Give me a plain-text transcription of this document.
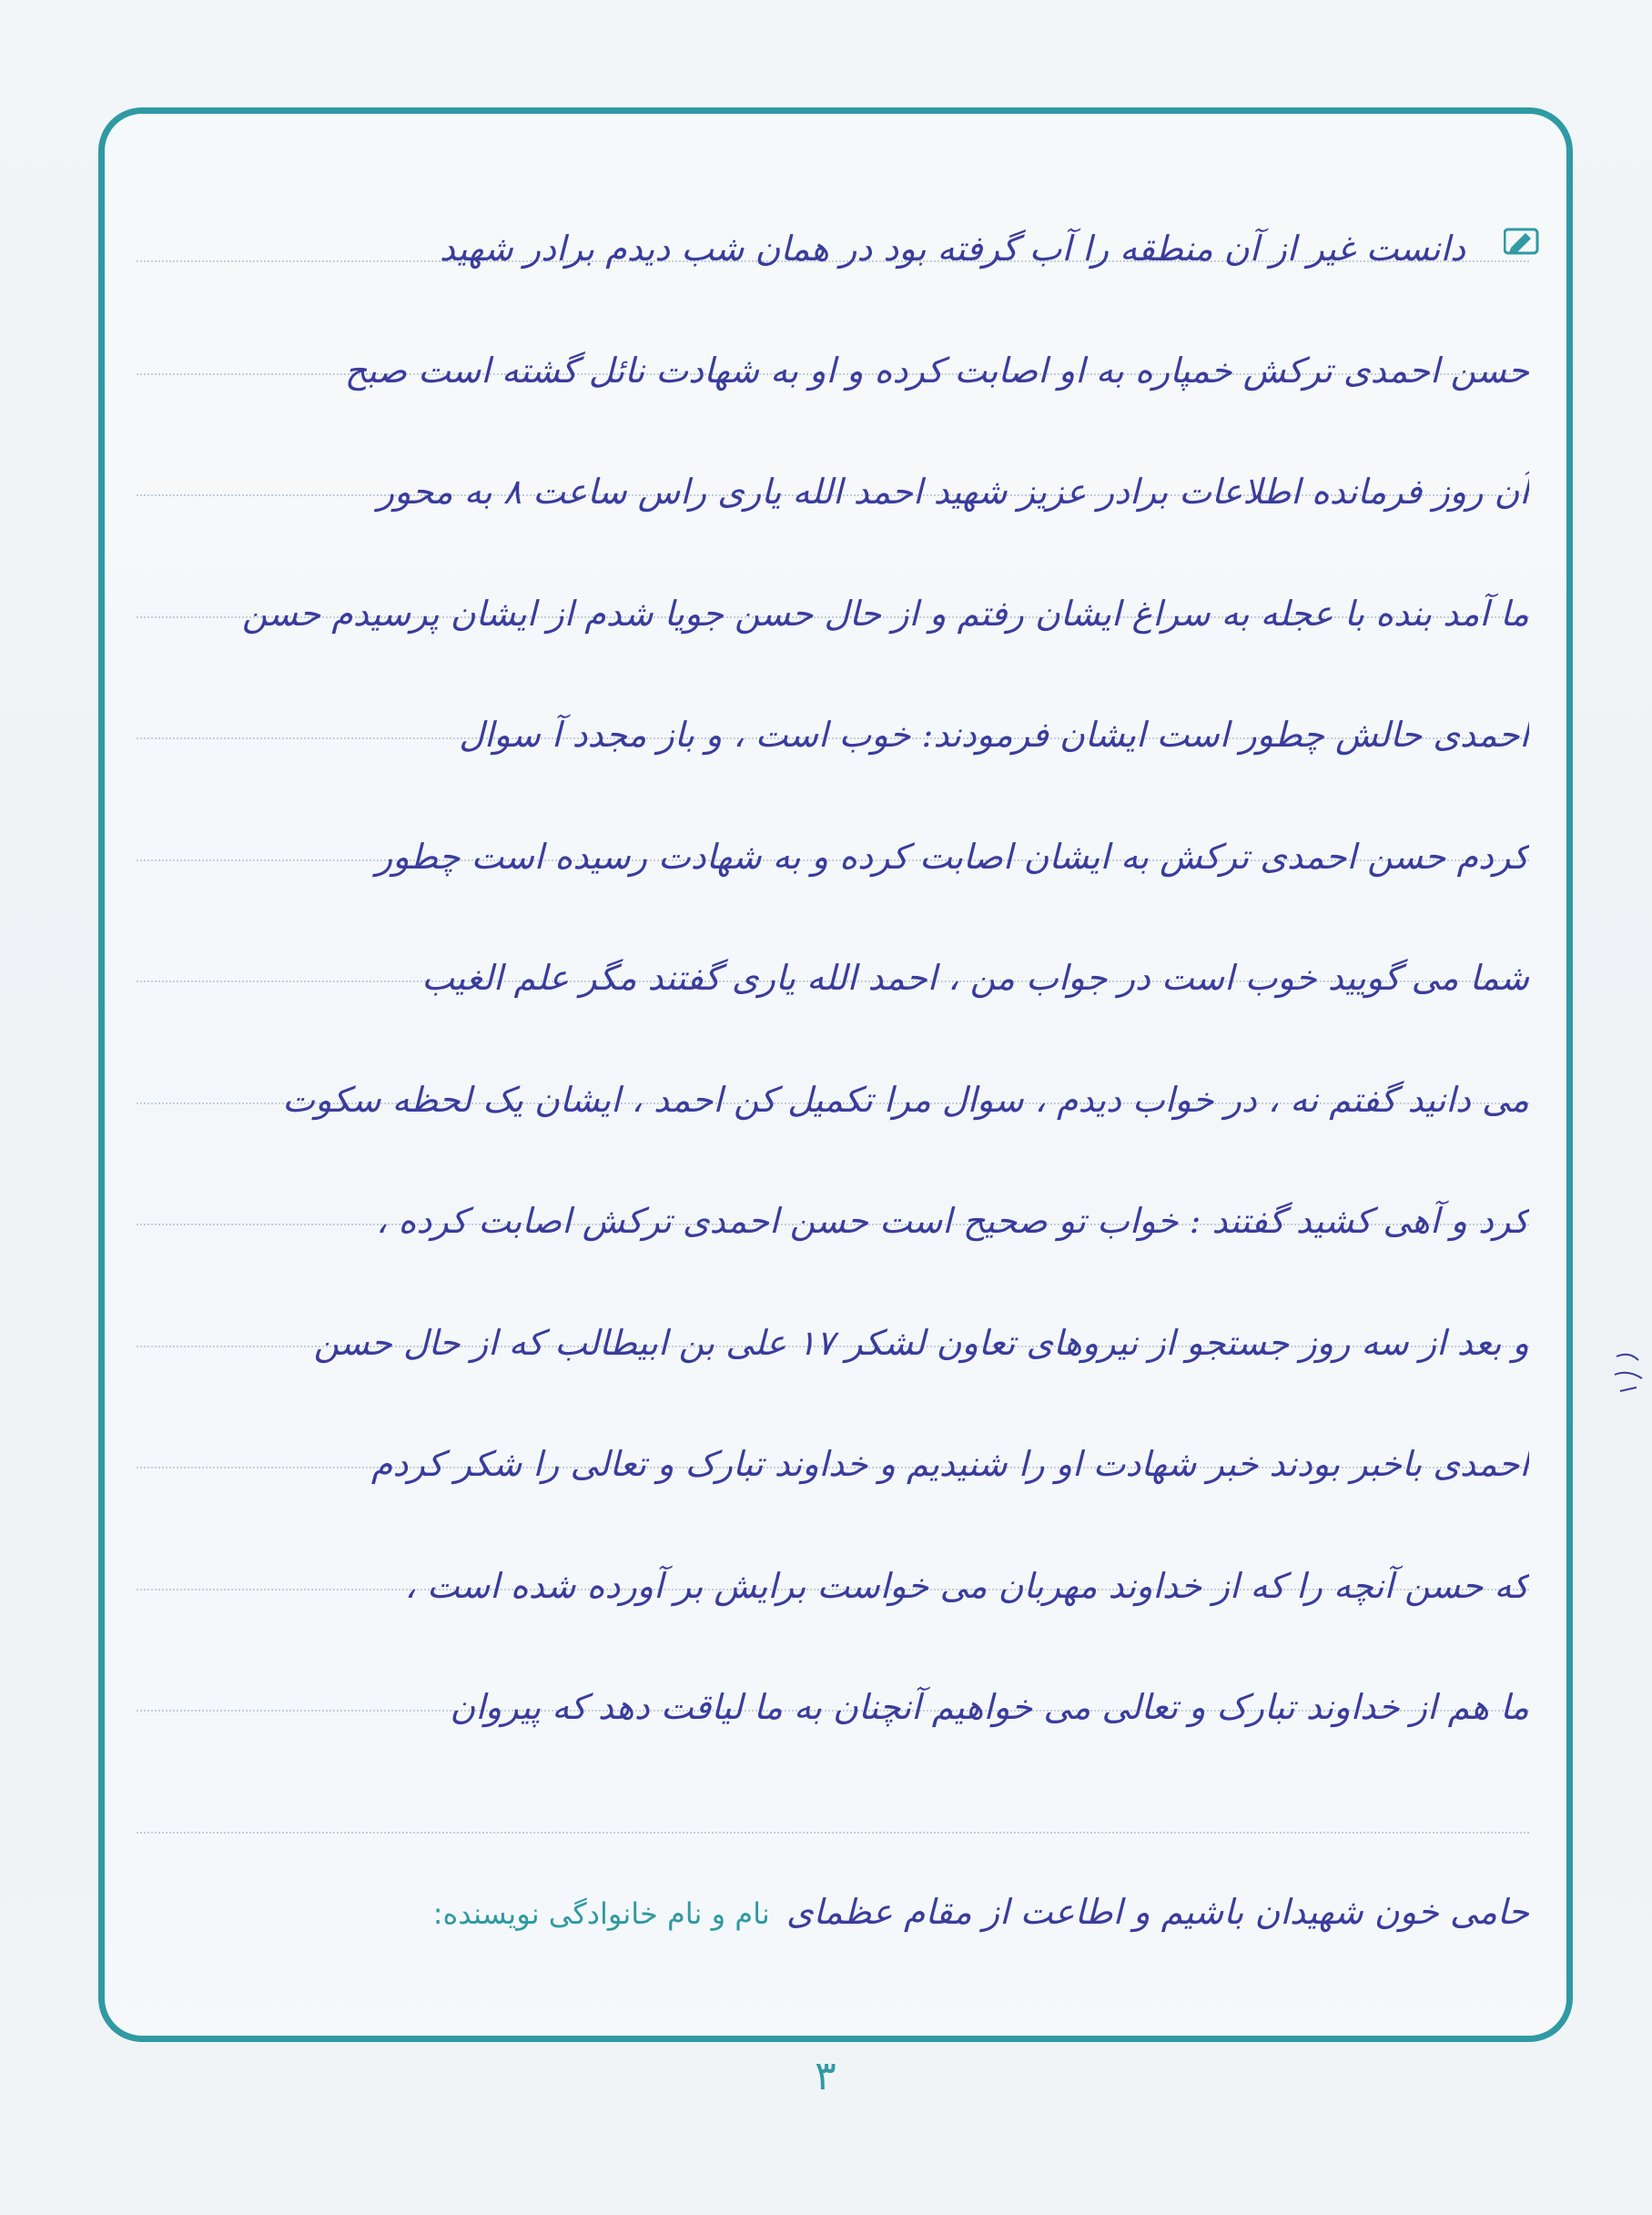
دانست غیر از آن منطقه را آب گرفته بود در همان شب دیدم برادر شهید
حسن احمدی ترکش خمپاره به او اصابت کرده و او به شهادت نائل گشته است صبح
آن روز فرمانده اطلاعات برادر عزیز شهید احمد الله یاری راس ساعت ۸ به محور
ما آمد بنده با عجله به سراغ ایشان رفتم و از حال حسن جویا شدم از ایشان پرسیدم حسن
احمدی حالش چطور است ایشان فرمودند: خوب است ، و باز مجدد آ سوال
کردم حسن احمدی ترکش به ایشان اصابت کرده و به شهادت رسیده است چطور
شما می گویید خوب است در جواب من ، احمد الله یاری گفتند مگر علم الغیب
می دانید گفتم نه ، در خواب دیدم ، سوال مرا تکمیل کن احمد ، ایشان یک لحظه سکوت
کرد و آهی کشید گفتند : خواب تو صحیح است حسن احمدی ترکش اصابت کرده ،
و بعد از سه روز جستجو از نیروهای تعاون لشکر ۱۷ علی بن ابیطالب که از حال حسن
احمدی باخبر بودند خبر شهادت او را شنیدیم و خداوند تبارک و تعالی را شکر کردم
که حسن آنچه را که از خداوند مهربان می خواست برایش بر آورده شده است ،
ما هم از خداوند تبارک و تعالی می خواهیم آنچنان به ما لیاقت دهد که پیروان
حامی خون شهیدان باشیم و اطاعت از مقام عظمای نام و نام خانوادگی نویسنده:
۳
